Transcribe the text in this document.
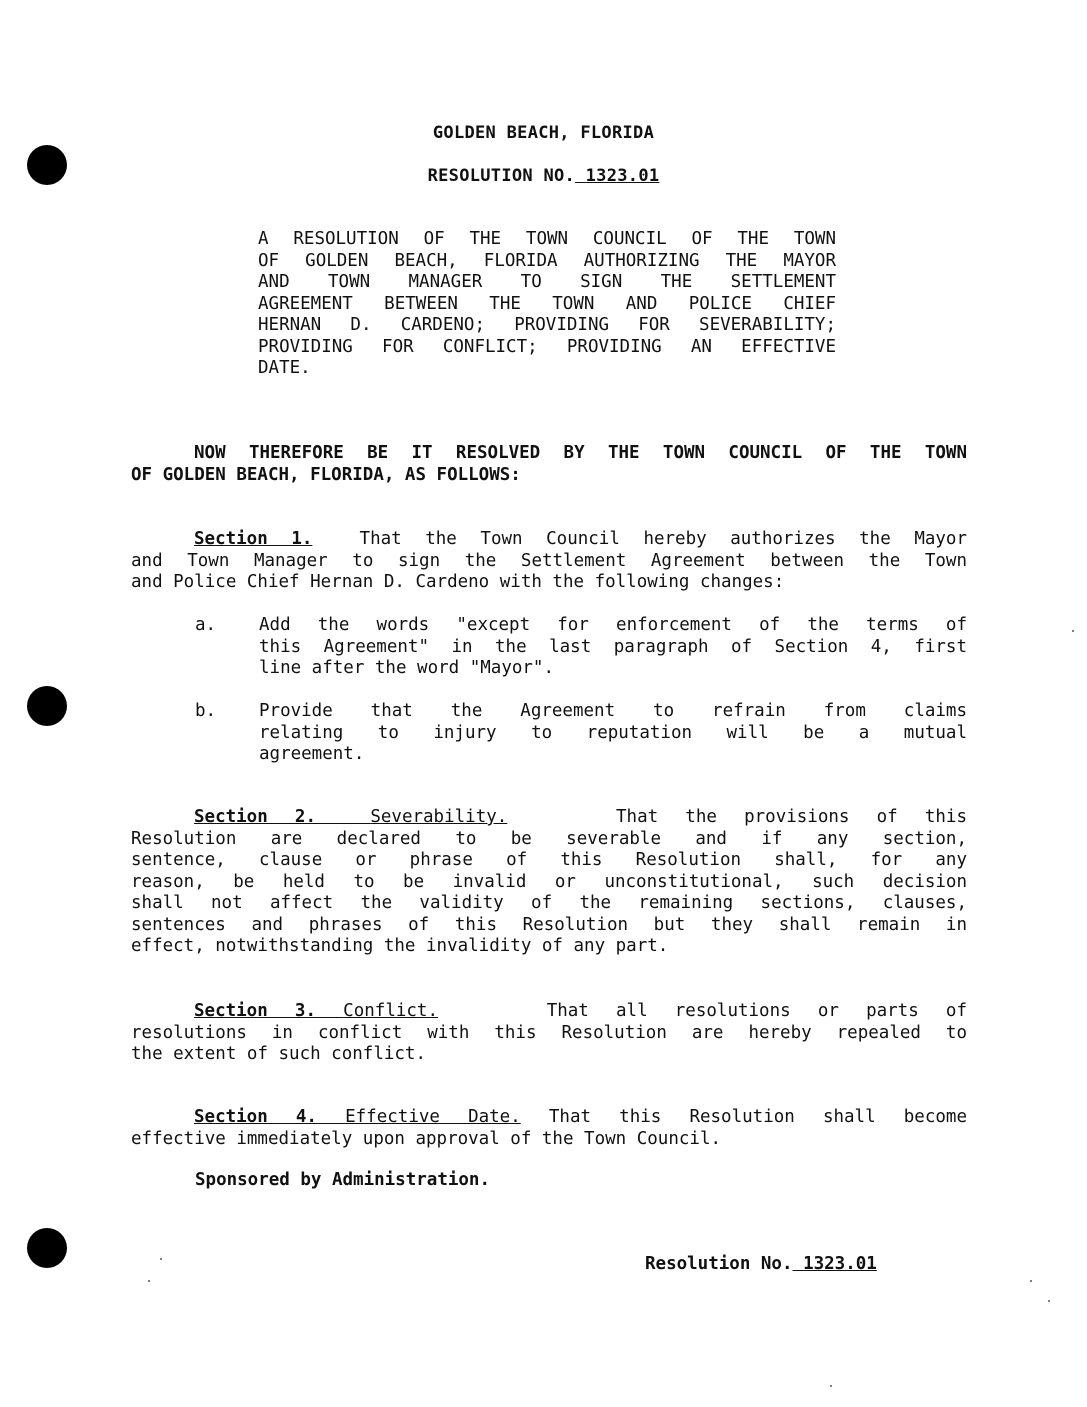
GOLDEN BEACH, FLORIDA
RESOLUTION NO. 1323.01
A RESOLUTION OF THE TOWN COUNCIL OF THE TOWN
OF GOLDEN BEACH, FLORIDA AUTHORIZING THE MAYOR
AND TOWN MANAGER TO SIGN THE SETTLEMENT
AGREEMENT BETWEEN THE TOWN AND POLICE CHIEF
HERNAN D. CARDENO; PROVIDING FOR SEVERABILITY;
PROVIDING FOR CONFLICT; PROVIDING AN EFFECTIVE
DATE.
NOW THEREFORE BE IT RESOLVED BY THE TOWN COUNCIL OF THE TOWN
OF GOLDEN BEACH, FLORIDA, AS FOLLOWS:
Section 1.	That the Town Council hereby authorizes the Mayor
and Town Manager to sign the Settlement Agreement between the Town
and Police Chief Hernan D. Cardeno with the following changes:
a. Add the words "except for enforcement of the terms of
this Agreement" in the last paragraph of Section 4, first
line after the word "Mayor".
b. Provide that the Agreement to refrain from claims
relating to injury to reputation will be a mutual
agreement.
Section 2.	Severability.	That the provisions of this
Resolution are declared to be severable and if any section,
sentence, clause or phrase of this Resolution shall, for any
reason, be held to be invalid or unconstitutional, such decision
shall not affect the validity of the remaining sections, clauses,
sentences and phrases of this Resolution but they shall remain in
effect, notwithstanding the invalidity of any part.
Section 3. Conflict.	That all resolutions or parts of
resolutions in conflict with this Resolution are hereby repealed to
the extent of such conflict.
Section 4. Effective Date. That this Resolution shall become
effective immediately upon approval of the Town Council.
Sponsored by Administration.
Resolution No. 1323.01
